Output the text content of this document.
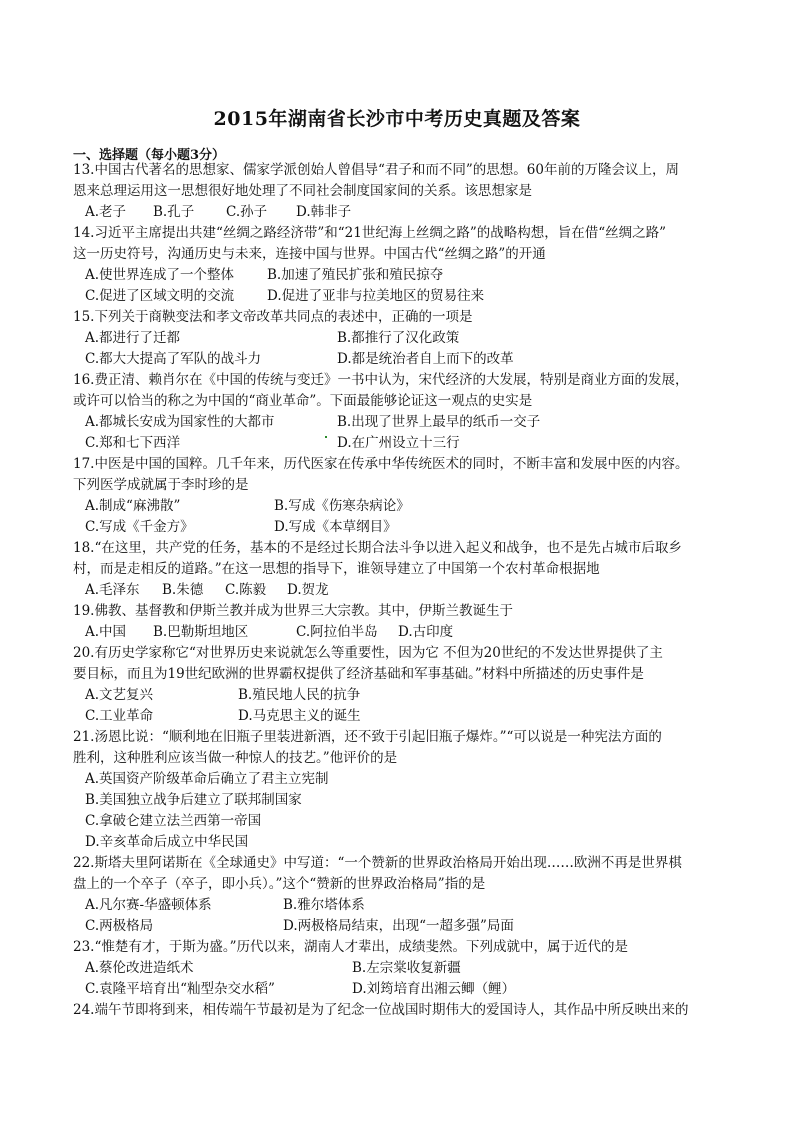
2015年湖南省长沙市中考历史真题及答案
一、选择题（每小题3分）
13.中国古代著名的思想家、儒家学派创始人曾倡导“君子和而不同”的思想。60年前的万隆会议上，周
恩来总理运用这一思想很好地处理了不同社会制度国家间的关系。该思想家是
A.老子 B.孔子 C.孙子 D.韩非子
14.习近平主席提出共建“丝绸之路经济带”和“21世纪海上丝绸之路”的战略构想，旨在借“丝绸之路”
这一历史符号，沟通历史与未来，连接中国与世界。中国古代“丝绸之路”的开通
A.使世界连成了一个整体 B.加速了殖民扩张和殖民掠夺
C.促进了区域文明的交流 D.促进了亚非与拉美地区的贸易往来
15.下列关于商鞅变法和孝文帝改革共同点的表述中，正确的一项是
A.都进行了迁都	B.都推行了汉化政策
C.都大大提高了军队的战斗力	D.都是统治者自上而下的改革
16.费正清、赖肖尔在《中国的传统与变迁》一书中认为，宋代经济的大发展，特别是商业方面的发展，
或许可以恰当的称之为中国的“商业革命”。下面最能够论证这一观点的史实是
A.都城长安成为国家性的大都市	B.出现了世界上最早的纸币一交子
C.郑和七下西洋	D.在广州设立十三行
17.中医是中国的国粹。几千年来，历代医家在传承中华传统医术的同时，不断丰富和发展中医的内容。
下列医学成就属于李时珍的是
A.制成“麻沸散”	B.写成《伤寒杂病论》
C.写成《千金方》	D.写成《本草纲目》
18.“在这里，共产党的任务，基本的不是经过长期合法斗争以进入起义和战争，也不是先占城市后取乡
村，而是走相反的道路。”在这一思想的指导下，谁领导建立了中国第一个农村革命根据地
A.毛泽东 B.朱德 C.陈毅 D.贺龙
19.佛教、基督教和伊斯兰教并成为世界三大宗教。其中，伊斯兰教诞生于
A.中国 B.巴勒斯坦地区	C.阿拉伯半岛 D.古印度
20.有历史学家称它“对世界历史来说就怎么等重要性，因为它 不但为20世纪的不发达世界提供了主
要目标，而且为19世纪欧洲的世界霸权提供了经济基础和军事基础。”材料中所描述的历史事件是
A.文艺复兴	B.殖民地人民的抗争
C.工业革命	D.马克思主义的诞生
21.汤恩比说：“顺利地在旧瓶子里装进新酒，还不致于引起旧瓶子爆炸。”“可以说是一种宪法方面的
胜利，这种胜利应该当做一种惊人的技艺。”他评价的是
A.英国资产阶级革命后确立了君主立宪制
B.美国独立战争后建立了联邦制国家
C.拿破仑建立法兰西第一帝国
D.辛亥革命后成立中华民国
22.斯塔夫里阿诺斯在《全球通史》中写道：“一个赞新的世界政治格局开始出现……欧洲不再是世界棋
盘上的一个卒子（卒子，即小兵）。”这个“赞新的世界政治格局”指的是
A.凡尔赛-华盛顿体系	B.雅尔塔体系
C.两极格局	D.两极格局结束，出现“一超多强”局面
23.“惟楚有才，于斯为盛。”历代以来，湖南人才辈出，成绩斐然。下列成就中，属于近代的是
A.蔡伦改进造纸术	B.左宗棠收复新疆
C.袁隆平培育出“籼型杂交水稻”	D.刘筠培育出湘云鲫（鲤）
24.端午节即将到来，相传端午节最初是为了纪念一位战国时期伟大的爱国诗人，其作品中所反映出来的
